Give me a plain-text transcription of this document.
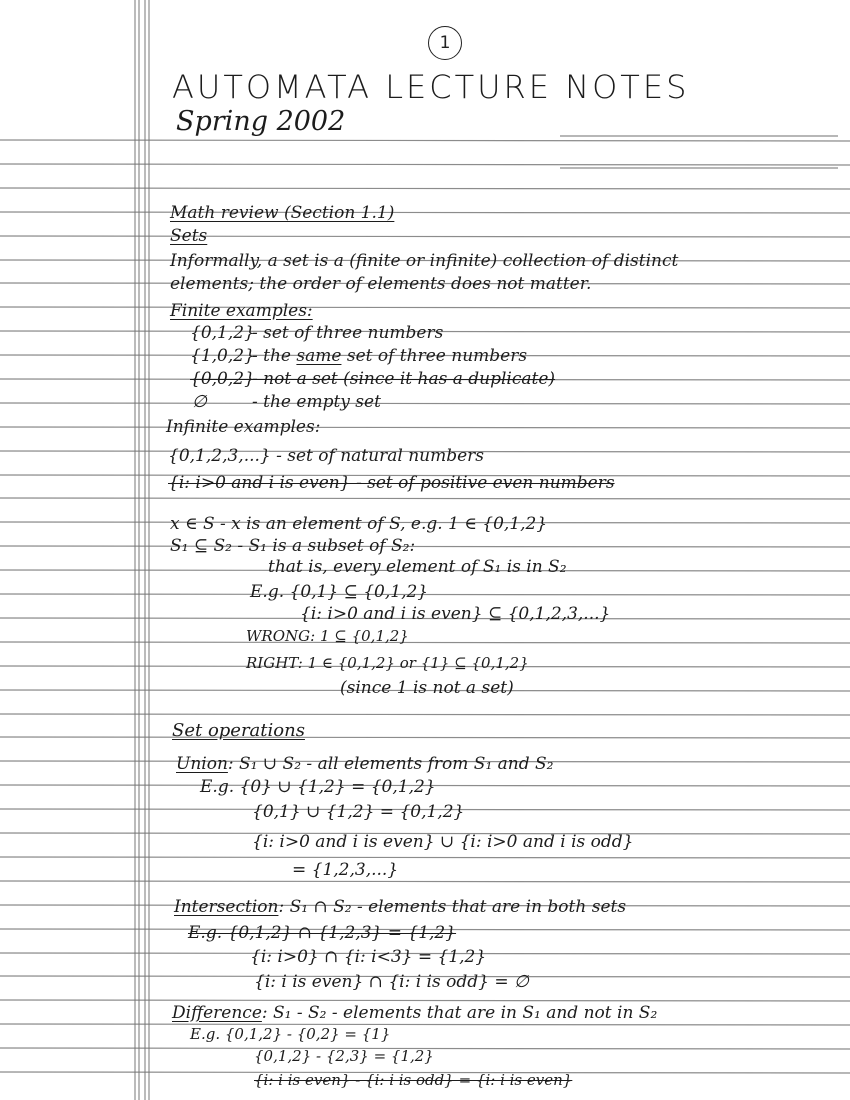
1
AUTOMATA LECTURE NOTES
Spring 2002
Math review (Section 1.1)
Sets
Informally, a set is a (finite or infinite) collection of distinct
elements; the order of elements does not matter.
Finite examples:
{0,1,2}
- set of three numbers
{1,0,2}
- the same set of three numbers
{0,0,2}
- not a set (since it has a duplicate)
∅	- the empty set
Infinite examples:
{0,1,2,3,...} - set of natural numbers
{i: i>0 and i is even} - set of positive even numbers
x ∈ S - x is an element of S, e.g. 1 ∈ {0,1,2}
S₁ ⊆ S₂ - S₁ is a subset of S₂:
that is, every element of S₁ is in S₂
E.g. {0,1} ⊆ {0,1,2}
{i: i>0 and i is even} ⊆ {0,1,2,3,...}
WRONG: 1 ⊆ {0,1,2}
RIGHT: 1 ∈ {0,1,2} or {1} ⊆ {0,1,2}
(since 1 is not a set)
Set operations
Union: S₁ ∪ S₂ - all elements from S₁ and S₂
E.g. {0} ∪ {1,2} = {0,1,2}
{0,1} ∪ {1,2} = {0,1,2}
{i: i>0 and i is even} ∪ {i: i>0 and i is odd}
= {1,2,3,...}
Intersection: S₁ ∩ S₂ - elements that are in both sets
E.g. {0,1,2} ∩ {1,2,3} = {1,2}
{i: i>0} ∩ {i: i<3} = {1,2}
{i: i is even} ∩ {i: i is odd} = ∅
Difference: S₁ - S₂ - elements that are in S₁ and not in S₂
E.g. {0,1,2} - {0,2} = {1}
{0,1,2} - {2,3} = {1,2}
{i: i is even} - {i: i is odd} = {i: i is even}
